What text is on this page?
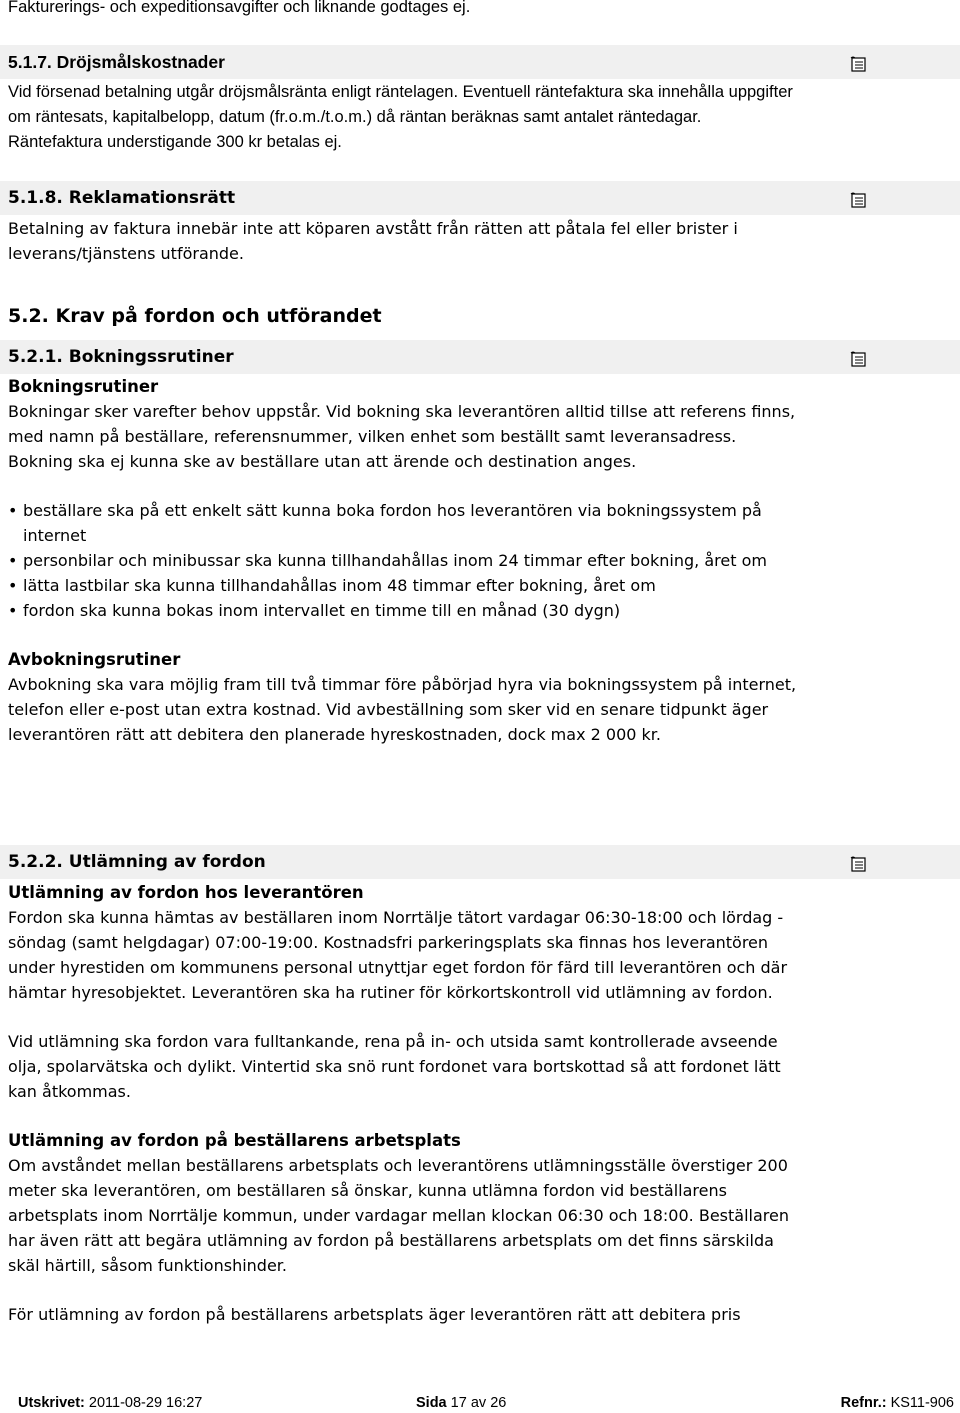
Fakturerings- och expeditionsavgifter och liknande godtages ej.

5.1.7. Dröjsmålskostnader

Vid försenad betalning utgår dröjsmålsränta enligt räntelagen. Eventuell räntefaktura ska innehålla uppgifter om räntesats, kapitalbelopp, datum (fr.o.m./t.o.m.) då räntan beräknas samt antalet räntedagar. Räntefaktura understigande 300 kr betalas ej.

5.1.8. Reklamationsrätt

Betalning av faktura innebär inte att köparen avstått från rätten att påtala fel eller brister i leverans/tjänstens utförande.

5.2. Krav på fordon och utförandet
5.2.1. Bokningssrutiner

Bokningsrutiner

Bokningar sker varefter behov uppstår. Vid bokning ska leverantören alltid tillse att referens finns, med namn på beställare, referensnummer, vilken enhet som beställt samt leveransadress. Bokning ska ej kunna ske av beställare utan att ärende och destination anges.

• beställare ska på ett enkelt sätt kunna boka fordon hos leverantören via bokningssystem på internet
• personbilar och minibussar ska kunna tillhandahållas inom 24 timmar efter bokning, året om
• lätta lastbilar ska kunna tillhandahållas inom 48 timmar efter bokning, året om
• fordon ska kunna bokas inom intervallet en timme till en månad (30 dygn)

Avbokningsrutiner

Avbokning ska vara möjlig fram till två timmar före påbörjad hyra via bokningssystem på internet, telefon eller e-post utan extra kostnad. Vid avbeställning som sker vid en senare tidpunkt äger leverantören rätt att debitera den planerade hyreskostnaden, dock max 2 000 kr.

5.2.2. Utlämning av fordon

Utlämning av fordon hos leverantören

Fordon ska kunna hämtas av beställaren inom Norrtälje tätort vardagar 06:30-18:00 och lördag - söndag (samt helgdagar) 07:00-19:00. Kostnadsfri parkeringsplats ska finnas hos leverantören under hyrestiden om kommunens personal utnyttjar eget fordon för färd till leverantören och där hämtar hyresobjektet. Leverantören ska ha rutiner för körkortskontroll vid utlämning av fordon.

Vid utlämning ska fordon vara fulltankande, rena på in- och utsida samt kontrollerade avseende olja, spolarvätska och dylikt. Vintertid ska snö runt fordonet vara bortskottad så att fordonet lätt kan åtkommas.

Utlämning av fordon på beställarens arbetsplats

Om avståndet mellan beställarens arbetsplats och leverantörens utlämningsställe överstiger 200 meter ska leverantören, om beställaren så önskar, kunna utlämna fordon vid beställarens arbetsplats inom Norrtälje kommun, under vardagar mellan klockan 06:30 och 18:00. Beställaren har även rätt att begära utlämning av fordon på beställarens arbetsplats om det finns särskilda skäl härtill, såsom funktionshinder.

För utlämning av fordon på beställarens arbetsplats äger leverantören rätt att debitera pris

Utskrivet: 2011-08-29 16:27	Sida 17 av 26	Refnr.: KS11-906
